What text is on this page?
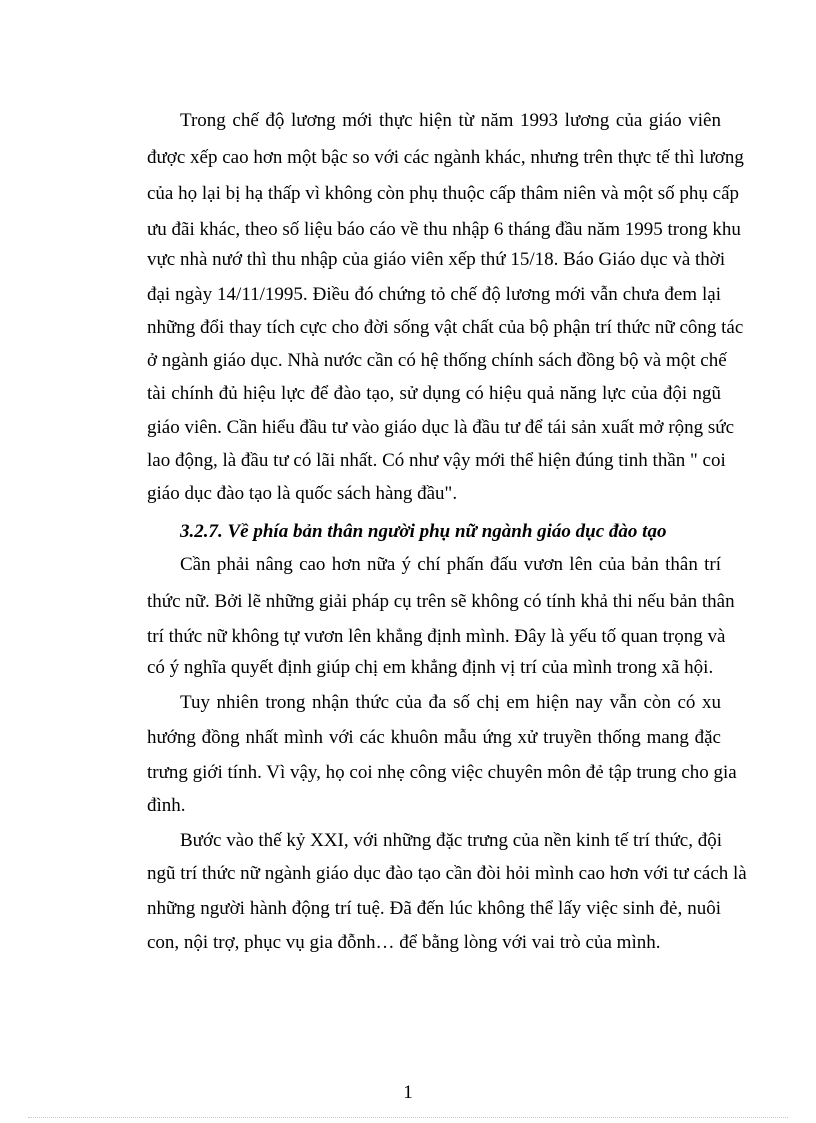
Trong chế độ lương mới thực hiện từ năm 1993 lương của giáo viên
được xếp cao hơn một bậc so với các ngành khác, nhưng trên thực tế thì lương
của họ lại bị hạ thấp vì không còn phụ thuộc cấp thâm niên và một số phụ cấp
ưu đãi khác, theo số liệu báo cáo về thu nhập 6 tháng đầu năm 1995 trong khu
vực nhà nướ thì thu nhập của giáo viên xếp thứ 15/18. Báo Giáo dục và thời
đại ngày 14/11/1995. Điều đó chứng tỏ chế độ lương mới vẫn chưa đem lại
những đổi thay tích cực cho đời sống vật chất của bộ phận trí thức nữ công tác
ở ngành giáo dục. Nhà nước cần có hệ thống chính sách đồng bộ và một chế
tài chính đủ hiệu lực để đào tạo, sử dụng có hiệu quả năng lực của đội ngũ
giáo viên. Cần hiểu đầu tư vào giáo dục là đầu tư để tái sản xuất mở rộng sức
lao động, là đầu tư có lãi nhất. Có như vậy mới thể hiện đúng tinh thần " coi
giáo dục đào tạo là quốc sách hàng đầu".
3.2.7. Về phía bản thân người phụ nữ ngành giáo dục đào tạo
Cần phải nâng cao hơn nữa ý chí phấn đấu vươn lên của bản thân trí
thức nữ. Bởi lẽ những giải pháp cụ trên sẽ không có tính khả thi nếu bản thân
trí thức nữ không tự vươn lên khẳng định mình. Đây là yếu tố quan trọng và
có ý nghĩa quyết định giúp chị em khẳng định vị trí của mình trong xã hội.
Tuy nhiên trong nhận thức của đa số chị em hiện nay vẫn còn có xu
hướng đồng nhất mình với các khuôn mẫu ứng xử truyền thống mang đặc
trưng giới tính. Vì vậy, họ coi nhẹ công việc chuyên môn đẻ tập trung cho gia
đình.
Bước vào thế kỷ XXI, với những đặc trưng của nền kinh tế trí thức, đội
ngũ trí thức nữ ngành giáo dục đào tạo cần đòi hỏi mình cao hơn với tư cách là
những người hành động trí tuệ. Đã đến lúc không thể lấy việc sinh đẻ, nuôi
con, nội trợ, phục vụ gia đỗnh… để bằng lòng với vai trò của mình.
1
